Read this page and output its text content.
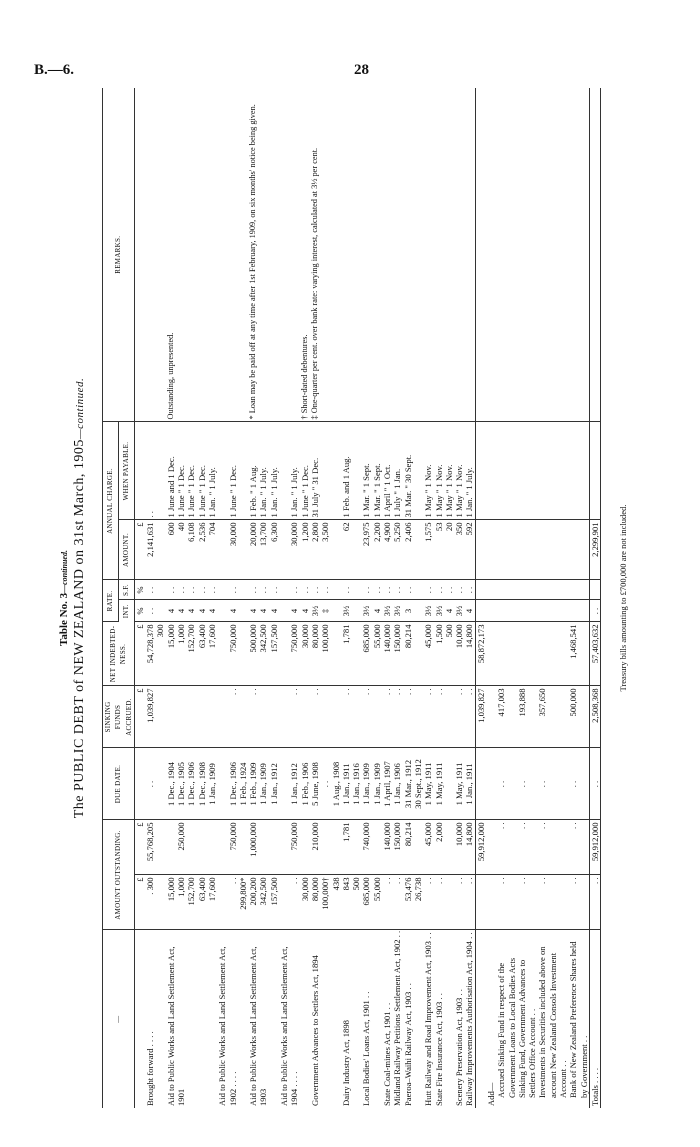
B.—6.	28
Table No. 3—continued. The PUBLIC DEBT of NEW ZEALAND on 31st March, 1905—continued.
—	AMOUNT OUTSTANDING.		DUE DATE.	SINKING FUNDS ACCRUED.	NET INDEBTED-NESS.	RATE.		ANNUAL CHARGE.		REMARKS.
						INT.	S.F.	AMOUNT.	WHEN PAYABLE.	
	£	£		£	£	%	%	£		
Brought forward . . . .	. 300	55,768,205	. .	1,039,827	54,728,378	. .	. .	2,141,631	. .	
					300					
Aid to Public Works and Land Settlement Act,	15,000		1 Dec., 1904		15,000	4	. .	600	1 June and 1 Dec.	Outstanding, unpresented.

1901	1,000	250,000	1 Dec., 1905		1,000	4	. .	40	1 June " 1 Dec.	
	152,700		1 Dec., 1906		152,700	4	. .	6,108	1 June " 1 Dec.	
	63,400		1 Dec., 1908		63,400	4	. .	2,536	1 June " 1 Dec.	
	17,600		1 Jan., 1909		17,600	4	. .	704	1 Jan. " 1 July.	
Aid to Public Works and Land Settlement Act,										
1902 . . . .	. .	750,000	1 Dec., 1906	. .	750,000	4	. .	30,000	1 June " 1 Dec.	
	299,800*		1 Feb., 1924							
Aid to Public Works and Land Settlement Act,	200,200	1,000,000	1 Feb., 1909	. .	500,000	4	. .	20,000	1 Feb. " 1 Aug.	* Loan may be paid off at any time after 1st February, 1909, on six months' notice being given.

1903	342,500		1 Jan., 1909		342,500	4	. .	13,700	1 Jan. " 1 July.	
	157,500		1 Jan., 1912		157,500	4	. .	6,300	1 Jan. " 1 July.	
Aid to Public Works and Land Settlement Act,										
1904 . . . .	. .	750,000	1 Jan., 1912	. .	750,000	4	. .	30,000	1 Jan. " 1 July.	
	30,000		1 Feb., 1906		30,000	4	. .	1,200	1 June " 1 Dec.	† Short-dated debentures.

Government Advances to Settlers Act, 1894	80,000	210,000	5 June, 1908	. .	80,000	3½	. .	2,800	31 July " 31 Dec.	‡ One-quarter per cent. over bank rate: varying interest, calculated at 3½ per cent.

	100,000†		. .		100,000	‡	. .	3,500		
	438		1 Aug., 1908							
Dairy Industry Act, 1898	843	1,781	1 Jan., 1911	. .	1,781	3½	. .	62	1 Feb. and 1 Aug.	
	500		1 Jan., 1916							
Local Bodies' Loans Act, 1901 . .	685,000	740,000	1 Jan., 1909	. .	685,000	3½	. .	23,975	1 Mar. " 1 Sept.	
	55,000		1 Jan., 1909		55,000	4	. .	2,200	1 Mar. " 1 Sept.	
State Coal-mines Act, 1901 . .	. .	140,000	1 April, 1907	. .	140,000	3½	. .	4,900	1 April " 1 Oct.	
Midland Railway Petitions Settlement Act, 1902 . .	. .	150,000	1 Jan., 1906	. .	150,000	3½	. .	5,250	1 July " 1 Jan.	
Paeroa–Waihi Railway Act, 1903 . .	53,476	80,214	31 Mar., 1912	. .	80,214	3	. .	2,406	31 Mar. " 30 Sept.	
	26,738		30 Sept., 1912							
Hutt Railway and Road Improvement Act, 1903 . .	. .	45,000	1 May, 1911	. .	45,000	3½	. .	1,575	1 May " 1 Nov.	
State Fire Insurance Act, 1903 . .	. .	2,000	1 May, 1911	. .	1,500	3½	. .	53	1 May " 1 Nov.	
					500	4	. .	20	1 May " 1 Nov.	
Scenery Preservation Act, 1903 . .	. .	10,000	1 May, 1911	. .	10,000	3½	. .	350	1 May " 1 Nov.	
Railway Improvements Authorisation Act, 1904 . .	. .	14,800	1 Jan., 1911	. .	14,800	4	. .	592	1 Jan. " 1 July.	
		59,912,000		1,039,827	58,872,173					
Add—										
Accrued Sinking Fund in respect of the Government Loans to Local Bodies Acts	. .	. .	. .	417,003						
Sinking Fund, Government Advances to Settlers Office Account . .	. .	. .	. .	193,888						
Investments in Securities included above on account New Zealand Consols Investment Account . .	. .	. .	. .	357,650						
Bank of New Zealand Preference Shares held by Government . .	. .	. .	. .	500,000	1,468,541					
Totals . . . .	. .	59,912,000	. .	2,508,368	57,403,632	. .		2,299,901		Treasury bills amounting to £700,000 are not included.
